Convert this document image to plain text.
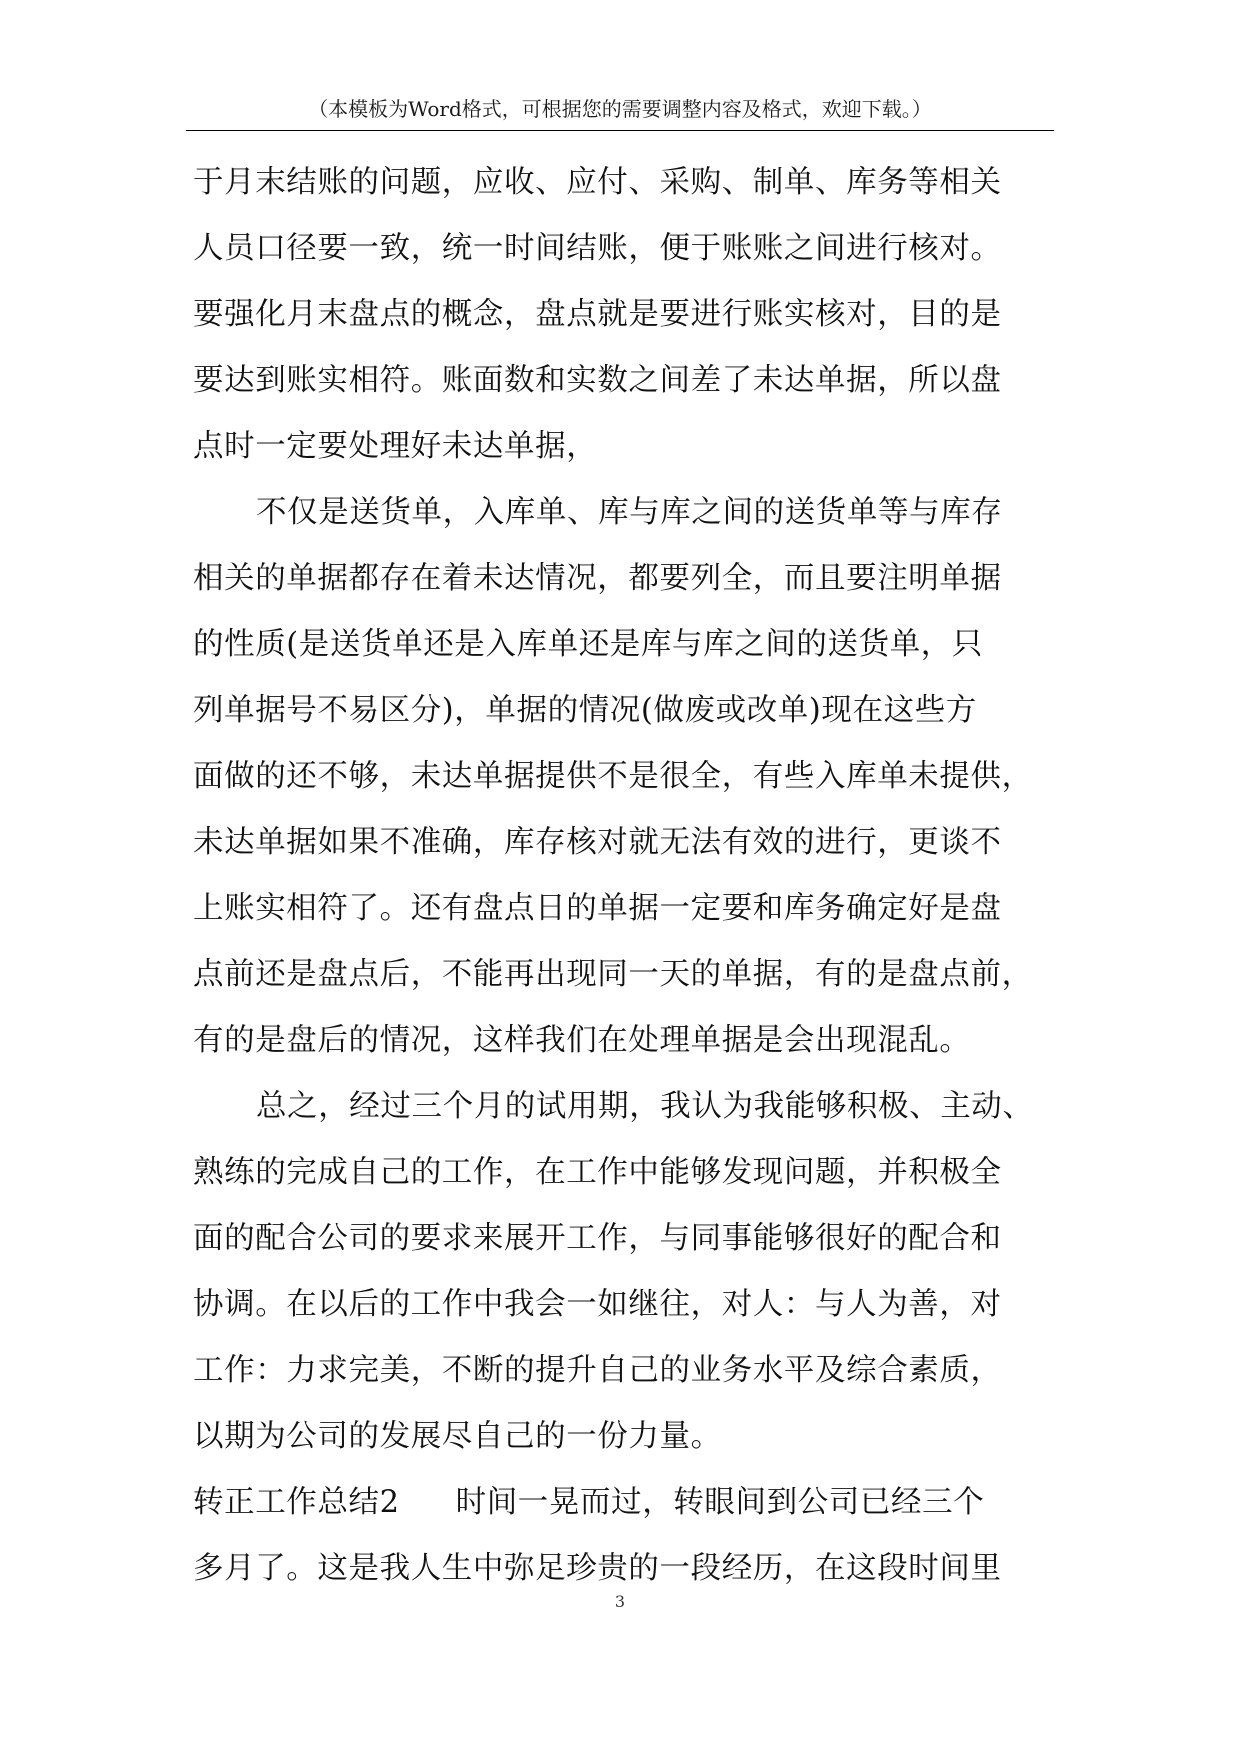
（本模板为Word格式，可根据您的需要调整内容及格式，欢迎下载。）
于月末结账的问题，应收、应付、采购、制单、库务等相关
人员口径要一致，统一时间结账，便于账账之间进行核对。
要强化月末盘点的概念，盘点就是要进行账实核对，目的是
要达到账实相符。账面数和实数之间差了未达单据，所以盘
点时一定要处理好未达单据，
不仅是送货单，入库单、库与库之间的送货单等与库存
相关的单据都存在着未达情况，都要列全，而且要注明单据
的性质(是送货单还是入库单还是库与库之间的送货单，只
列单据号不易区分)，单据的情况(做废或改单)现在这些方
面做的还不够，未达单据提供不是很全，有些入库单未提供，
未达单据如果不准确，库存核对就无法有效的进行，更谈不
上账实相符了。还有盘点日的单据一定要和库务确定好是盘
点前还是盘点后，不能再出现同一天的单据，有的是盘点前，
有的是盘后的情况，这样我们在处理单据是会出现混乱。
总之，经过三个月的试用期，我认为我能够积极、主动、
熟练的完成自己的工作，在工作中能够发现问题，并积极全
面的配合公司的要求来展开工作，与同事能够很好的配合和
协调。在以后的工作中我会一如继往，对人：与人为善，对
工作：力求完美，不断的提升自己的业务水平及综合素质，
以期为公司的发展尽自己的一份力量。
转正工作总结2 时间一晃而过，转眼间到公司已经三个
多月了。这是我人生中弥足珍贵的一段经历，在这段时间里
3
